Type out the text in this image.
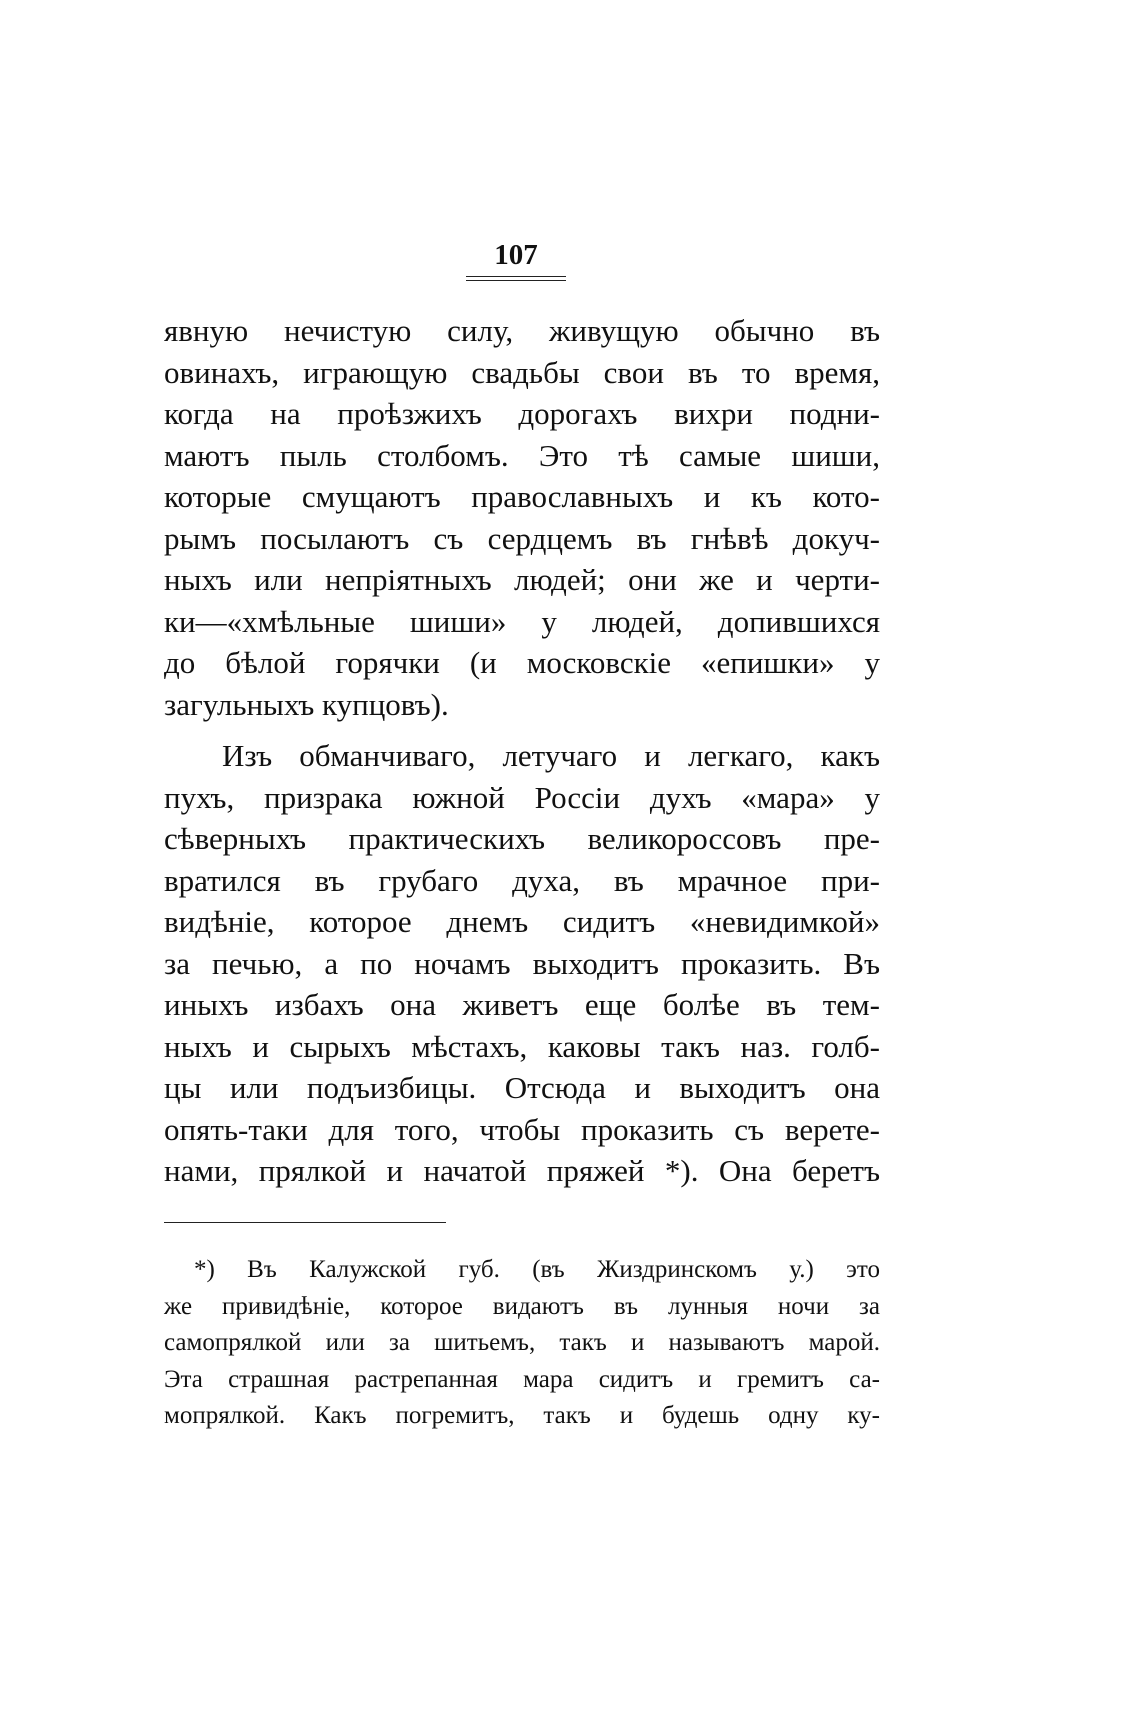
107
явную нечистую силу, живущую обычно въ
овинахъ, играющую свадьбы свои въ то время,
когда на проѣзжихъ дорогахъ вихри подни-
маютъ пыль столбомъ. Это тѣ самые шиши,
которые смущаютъ православныхъ и къ кото-
рымъ посылаютъ съ сердцемъ въ гнѣвѣ докуч-
ныхъ или непріятныхъ людей; они же и черти-
ки—«хмѣльные шиши» у людей, допившихся
до бѣлой горячки (и московскіе «епишки» у
загульныхъ купцовъ).
Изъ обманчиваго, летучаго и легкаго, какъ
пухъ, призрака южной Россіи духъ «мара» у
сѣверныхъ практическихъ великороссовъ пре-
вратился въ грубаго духа, въ мрачное при-
видѣніе, которое днемъ сидитъ «невидимкой»
за печью, а по ночамъ выходитъ проказить. Въ
иныхъ избахъ она живетъ еще болѣе въ тем-
ныхъ и сырыхъ мѣстахъ, каковы такъ наз. голб-
цы или подъизбицы. Отсюда и выходитъ она
опять-таки для того, чтобы проказить съ верете-
нами, прялкой и начатой пряжей *). Она беретъ
*) Въ Калужской губ. (въ Жиздринскомъ у.) это
же привидѣніе, которое видаютъ въ лунныя ночи за
самопрялкой или за шитьемъ, такъ и называютъ марой.
Эта страшная растрепанная мара сидитъ и гремитъ са-
мопрялкой. Какъ погремитъ, такъ и будешь одну ку-
